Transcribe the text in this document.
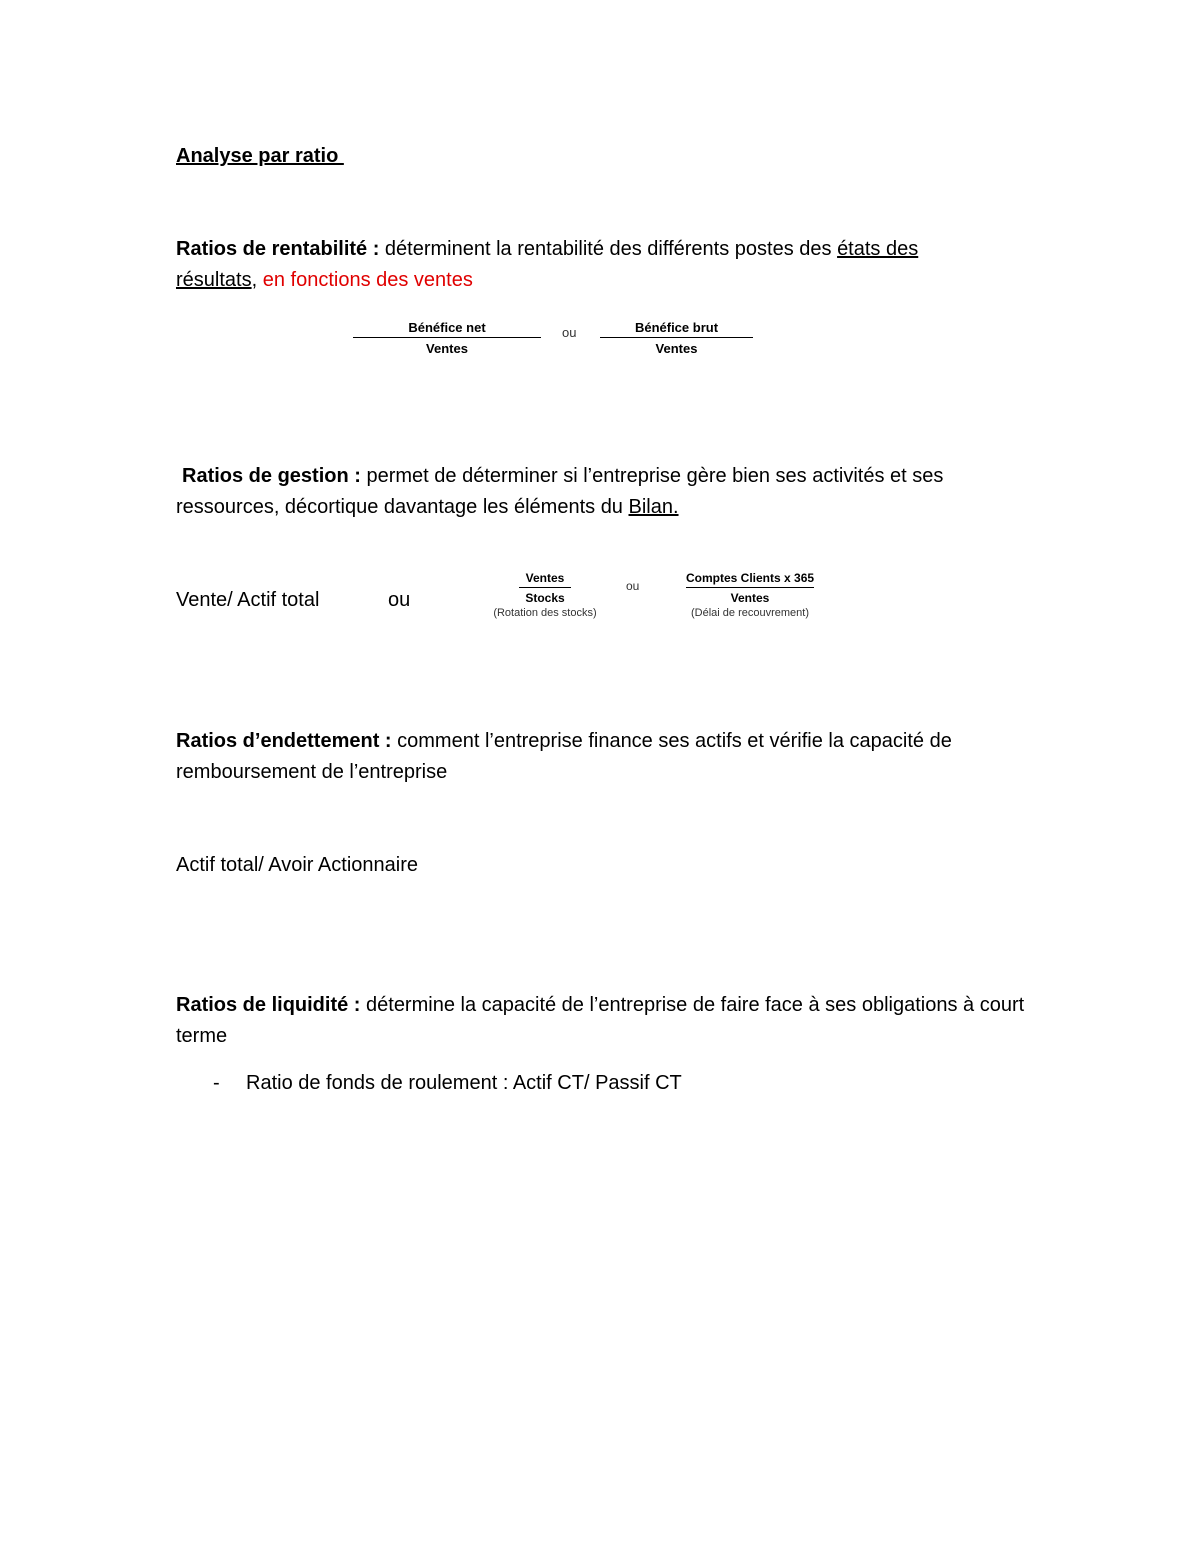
Analyse par ratio
Ratios de rentabilité : déterminent la rentabilité des différents postes des états des résultats, en fonctions des ventes
Bénéfice net
Ventes
ou	Bénéfice brut
Ventes
Ratios de gestion : permet de déterminer si l’entreprise gère bien ses activités et ses ressources, décortique davantage les éléments du Bilan.
Vente/ Actif total	ou
Ventes
Stocks
(Rotation des stocks)
ou
Comptes Clients x 365
Ventes
(Délai de recouvrement)
Ratios d’endettement : comment l’entreprise finance ses actifs et vérifie la capacité de remboursement de l’entreprise
Actif total/ Avoir Actionnaire
Ratios de liquidité : détermine la capacité de l’entreprise de faire face à ses obligations à court terme
- Ratio de fonds de roulement : Actif CT/ Passif CT
